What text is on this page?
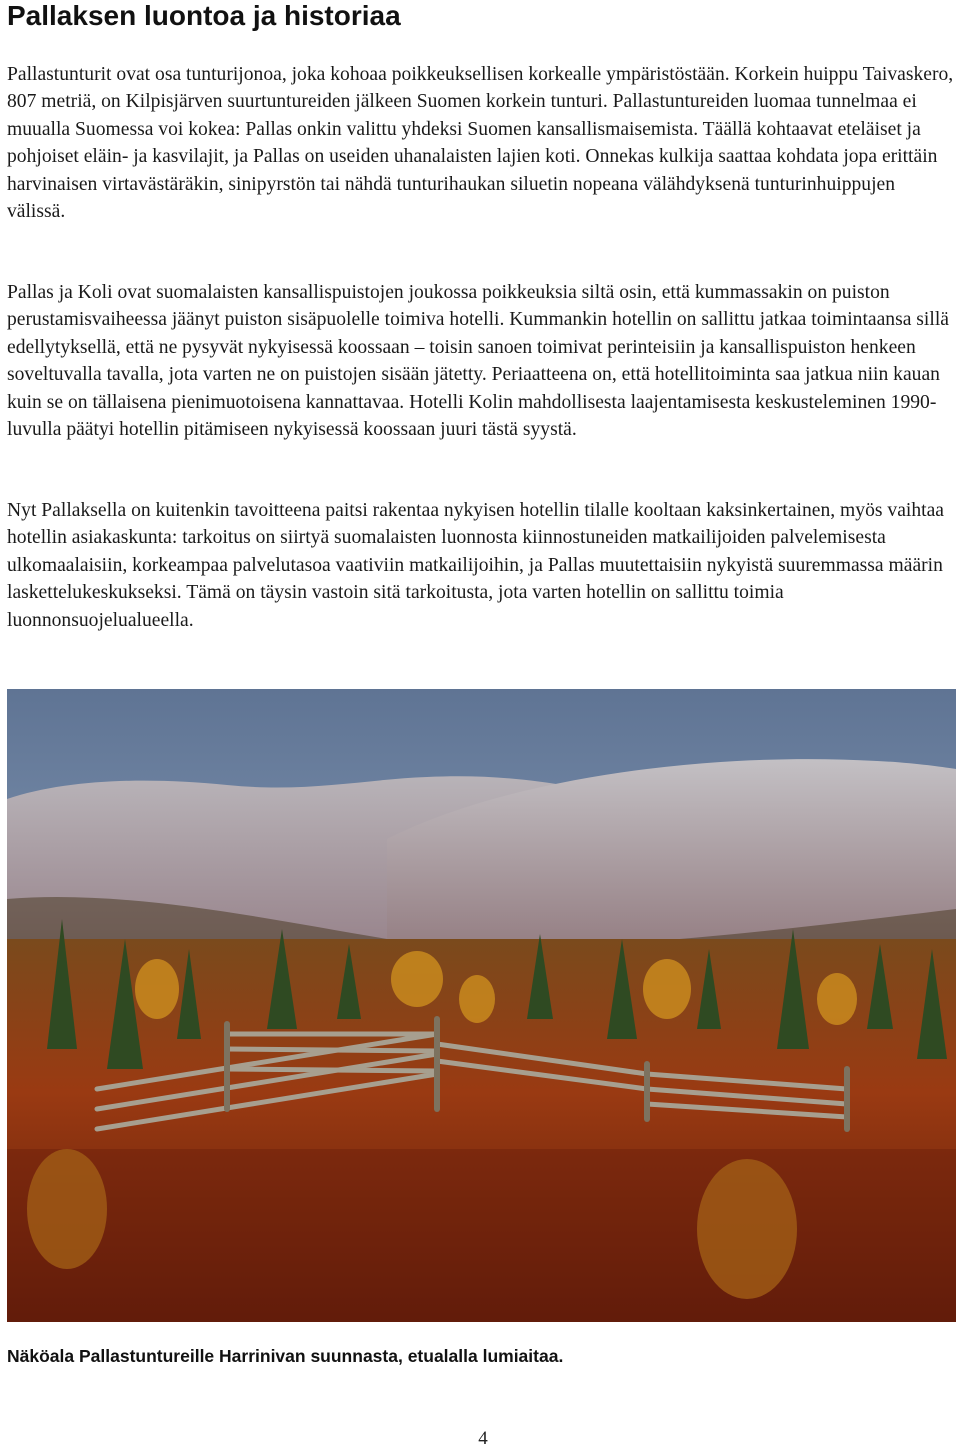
Pallaksen luontoa ja historiaa

Pallastunturit ovat osa tunturijonoa, joka kohoaa poikkeuksellisen korkealle ympäristöstään. Korkein huippu Taivaskero, 807 metriä, on Kilpisjärven suurtuntureiden jälkeen Suomen korkein tunturi. Pallastuntureiden luomaa tunnelmaa ei muualla Suomessa voi kokea: Pallas onkin valittu yhdeksi Suomen kansallismaisemista. Täällä kohtaavat eteläiset ja pohjoiset eläin- ja kasvilajit, ja Pallas on useiden uhanalaisten lajien koti. Onnekas kulkija saattaa kohdata jopa erittäin harvinaisen virtavästäräkin, sinipyrstön tai nähdä tunturihaukan siluetin nopeana välähdyksenä tunturinhuippujen välissä.

Pallas ja Koli ovat suomalaisten kansallispuistojen joukossa poikkeuksia siltä osin, että kummassakin on puiston perustamisvaiheessa jäänyt puiston sisäpuolelle toimiva hotelli. Kummankin hotellin on sallittu jatkaa toimintaansa sillä edellytyksellä, että ne pysyvät nykyisessä koossaan – toisin sanoen toimivat perinteisiin ja kansallispuiston henkeen soveltuvalla tavalla, jota varten ne on puistojen sisään jätetty. Periaatteena on, että hotellitoiminta saa jatkua niin kauan kuin se on tällaisena pienimuotoisena kannattavaa. Hotelli Kolin mahdollisesta laajentamisesta keskusteleminen 1990-luvulla päätyi hotellin pitämiseen nykyisessä koossaan juuri tästä syystä.

Nyt Pallaksella on kuitenkin tavoitteena paitsi rakentaa nykyisen hotellin tilalle kooltaan kaksinkertainen, myös vaihtaa hotellin asiakaskunta: tarkoitus on siirtyä suomalaisten luonnosta kiinnostuneiden matkailijoiden palvelemisesta ulkomaalaisiin, korkeampaa palvelutasoa vaativiin matkailijoihin, ja Pallas muutettaisiin nykyistä suuremmassa määrin laskettelukeskukseksi. Tämä on täysin vastoin sitä tarkoitusta, jota varten hotellin on sallittu toimia luonnonsuojelualueella.

Näköala Pallastuntureille Harrinivan suunnasta, etualalla lumiaitaa.

4
